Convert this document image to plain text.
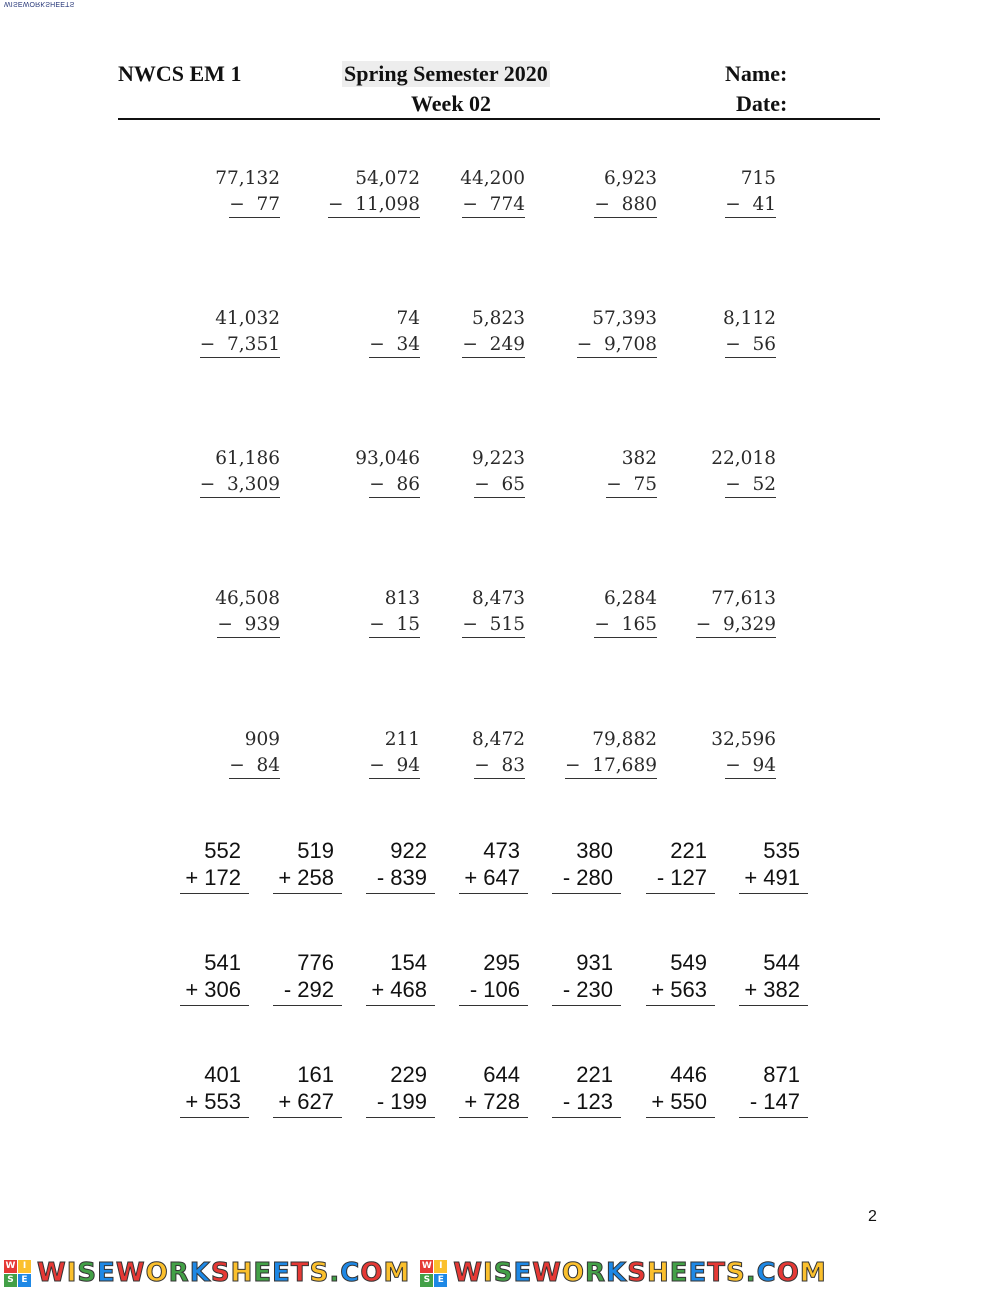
WISEWORKSHEETS
NWCS EM 1	Spring Semester 2020
Week 02
Name:
Date:
77,132
−  77
54,072
−  11,098
44,200
−  774
6,923
−  880
715
−  41
41,032
−  7,351
74
−  34
5,823
−  249
57,393
−  9,708
8,112
−  56
61,186
−  3,309
93,046
−  86
9,223
−  65
382
−  75
22,018
−  52
46,508
−  939
813
−  15
8,473
−  515
6,284
−  165
77,613
−  9,329
909
−  84
211
−  94
8,472
−  83
79,882
−  17,689
32,596
−  94
552
+ 172
519
+ 258
922
- 839
473
+ 647
380
- 280
221
- 127
535
+ 491
541
+ 306
776
- 292
154
+ 468
295
- 106
931
- 230
549
+ 563
544
+ 382
401
+ 553
161
+ 627
229
- 199
644
+ 728
221
- 123
446
+ 550
871
- 147
2
W I
S E WISEWORKSHEETS.COM W I
S E WISEWORKSHEETS.COM
